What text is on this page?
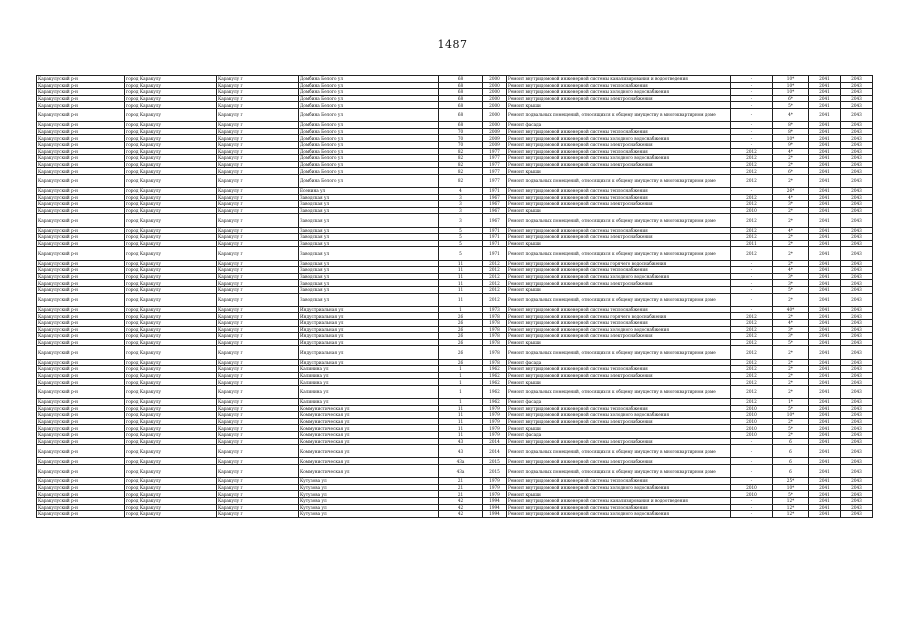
1487
Каракулуский р-н	город Каракулу	Каракулу г	Домбина Белого ул	68	2000	Ремонт внутридомовой инженерной системы канализирования и водоотведения	-	10*	2041	2043
Каракулуский р-н	город Каракулу	Каракулу г	Домбина Белого ул	68	2000	Ремонт внутридомовой инженерной системы теплоснабжения	-	10*	2041	2043
Каракулуский р-н	город Каракулу	Каракулу г	Домбина Белого ул	68	2000	Ремонт внутридомовой инженерной системы холодного водоснабжения	-	10*	2041	2043
Каракулуский р-н	город Каракулу	Каракулу г	Домбина Белого ул	68	2000	Ремонт внутридомовой инженерной системы электроснабжения	-	6*	2041	2043
Каракулуский р-н	город Каракулу	Каракулу г	Домбина Белого ул	68	2000	Ремонт крыши	-	5*	2041	2043
Каракулуский р-н	город Каракулу	Каракулу г	Домбина Белого ул	68	2000	Ремонт подвальных помещений, относящихся к общему имуществу в многоквартирном доме	-	4*	2041	2043
Каракулуский р-н	город Каракулу	Каракулу г	Домбина Белого ул	68	2000	Ремонт фасада	-	8*	2041	2043
Каракулуский р-н	город Каракулу	Каракулу г	Домбина Белого ул	70	2009	Ремонт внутридомовой инженерной системы теплоснабжения	-	8*	2041	2043
Каракулуский р-н	город Каракулу	Каракулу г	Домбина Белого ул	70	2009	Ремонт внутридомовой инженерной системы холодного водоснабжения	-	10*	2041	2043
Каракулуский р-н	город Каракулу	Каракулу г	Домбина Белого ул	70	2009	Ремонт внутридомовой инженерной системы электроснабжения	-	9*	2041	2043
Каракулуский р-н	город Каракулу	Каракулу г	Домбина Белого ул	82	1977	Ремонт внутридомовой инженерной системы теплоснабжения	2012	4*	2041	2043
Каракулуский р-н	город Каракулу	Каракулу г	Домбина Белого ул	82	1977	Ремонт внутридомовой инженерной системы холодного водоснабжения	2012	2*	2041	2043
Каракулуский р-н	город Каракулу	Каракулу г	Домбина Белого ул	82	1977	Ремонт внутридомовой инженерной системы электроснабжения	2012	2*	2041	2043
Каракулуский р-н	город Каракулу	Каракулу г	Домбина Белого ул	82	1977	Ремонт крыши	2012	6*	2041	2043
Каракулуский р-н	город Каракулу	Каракулу г	Домбина Белого ул	82	1977	Ремонт подвальных помещений, относящихся к общему имуществу в многоквартирном доме	2012	2*	2041	2043
Каракулуский р-н	город Каракулу	Каракулу г	Есенина ул	4	1971	Ремонт внутридомовой инженерной системы теплоснабжения	-	26*	2041	2043
Каракулуский р-н	город Каракулу	Каракулу г	Заводская ул	3	1967	Ремонт внутридомовой инженерной системы теплоснабжения	2012	4*	2041	2043
Каракулуский р-н	город Каракулу	Каракулу г	Заводская ул	3	1967	Ремонт внутридомовой инженерной системы электроснабжения	2012	3*	2041	2043
Каракулуский р-н	город Каракулу	Каракулу г	Заводская ул	3	1967	Ремонт крыши	2010	2*	2041	2043
Каракулуский р-н	город Каракулу	Каракулу г	Заводская ул	3	1967	Ремонт подвальных помещений, относящихся к общему имуществу в многоквартирном доме	2012	2*	2041	2043
Каракулуский р-н	город Каракулу	Каракулу г	Заводская ул	5	1971	Ремонт внутридомовой инженерной системы теплоснабжения	2012	4*	2041	2043
Каракулуский р-н	город Каракулу	Каракулу г	Заводская ул	5	1971	Ремонт внутридомовой инженерной системы электроснабжения	2012	2*	2041	2043
Каракулуский р-н	город Каракулу	Каракулу г	Заводская ул	5	1971	Ремонт крыши	2011	2*	2041	2043
Каракулуский р-н	город Каракулу	Каракулу г	Заводская ул	5	1971	Ремонт подвальных помещений, относящихся к общему имуществу в многоквартирном доме	2012	2*	2041	2043
Каракулуский р-н	город Каракулу	Каракулу г	Заводская ул	11	2012	Ремонт внутридомовой инженерной системы горячего водоснабжения	-	2*	2041	2043
Каракулуский р-н	город Каракулу	Каракулу г	Заводская ул	11	2012	Ремонт внутридомовой инженерной системы теплоснабжения	-	4*	2041	2043
Каракулуский р-н	город Каракулу	Каракулу г	Заводская ул	11	2012	Ремонт внутридомовой инженерной системы холодного водоснабжения	-	3*	2041	2043
Каракулуский р-н	город Каракулу	Каракулу г	Заводская ул	11	2012	Ремонт внутридомовой инженерной системы электроснабжения	-	3*	2041	2043
Каракулуский р-н	город Каракулу	Каракулу г	Заводская ул	11	2012	Ремонт крыши	-	5*	2041	2043
Каракулуский р-н	город Каракулу	Каракулу г	Заводская ул	11	2012	Ремонт подвальных помещений, относящихся к общему имуществу в многоквартирном доме	-	2*	2041	2043
Каракулуский р-н	город Каракулу	Каракулу г	Индустриальная ул	1	1973	Ремонт внутридомовой инженерной системы теплоснабжения	-	40*	2041	2043
Каракулуский р-н	город Каракулу	Каракулу г	Индустриальная ул	26	1978	Ремонт внутридомовой инженерной системы горячего водоснабжения	2012	2*	2041	2043
Каракулуский р-н	город Каракулу	Каракулу г	Индустриальная ул	26	1978	Ремонт внутридомовой инженерной системы теплоснабжения	2012	4*	2041	2043
Каракулуский р-н	город Каракулу	Каракулу г	Индустриальная ул	26	1978	Ремонт внутридомовой инженерной системы холодного водоснабжения	2012	3*	2041	2043
Каракулуский р-н	город Каракулу	Каракулу г	Индустриальная ул	26	1978	Ремонт внутридомовой инженерной системы электроснабжения	2012	3*	2041	2043
Каракулуский р-н	город Каракулу	Каракулу г	Индустриальная ул	26	1978	Ремонт крыши	2012	5*	2041	2043
Каракулуский р-н	город Каракулу	Каракулу г	Индустриальная ул	26	1978	Ремонт подвальных помещений, относящихся к общему имуществу в многоквартирном доме	2012	2*	2041	2043
Каракулуский р-н	город Каракулу	Каракулу г	Индустриальная ул	26	1978	Ремонт фасада	2012	2*	2041	2043
Каракулуский р-н	город Каракулу	Каракулу г	Калинина ул	1	1962	Ремонт внутридомовой инженерной системы теплоснабжения	2012	2*	2041	2043
Каракулуский р-н	город Каракулу	Каракулу г	Калинина ул	1	1962	Ремонт внутридомовой инженерной системы электроснабжения	2012	2*	2041	2043
Каракулуский р-н	город Каракулу	Каракулу г	Калинина ул	1	1962	Ремонт крыши	2012	2*	2041	2043
Каракулуский р-н	город Каракулу	Каракулу г	Калинина ул	1	1962	Ремонт подвальных помещений, относящихся к общему имуществу в многоквартирном доме	2012	2*	2041	2043
Каракулуский р-н	город Каракулу	Каракулу г	Калинина ул	1	1962	Ремонт фасада	2012	1*	2041	2043
Каракулуский р-н	город Каракулу	Каракулу г	Коммунистическая ул	11	1979	Ремонт внутридомовой инженерной системы теплоснабжения	2010	5*	2041	2043
Каракулуский р-н	город Каракулу	Каракулу г	Коммунистическая ул	11	1979	Ремонт внутридомовой инженерной системы холодного водоснабжения	2010	10*	2041	2043
Каракулуский р-н	город Каракулу	Каракулу г	Коммунистическая ул	11	1979	Ремонт внутридомовой инженерной системы электроснабжения	2010	2*	2041	2043
Каракулуский р-н	город Каракулу	Каракулу г	Коммунистическая ул	11	1979	Ремонт крыши	2010	5*	2041	2043
Каракулуский р-н	город Каракулу	Каракулу г	Коммунистическая ул	11	1979	Ремонт фасада	2010	2*	2041	2043
Каракулуский р-н	город Каракулу	Каракулу г	Коммунистическая ул	43	2014	Ремонт внутридомовой инженерной системы электроснабжения	-	6	2041	2043
Каракулуский р-н	город Каракулу	Каракулу г	Коммунистическая ул	43	2014	Ремонт подвальных помещений, относящихся к общему имуществу в многоквартирном доме	-	6	2041	2043
Каракулуский р-н	город Каракулу	Каракулу г	Коммунистическая ул	43а	2015	Ремонт внутридомовой инженерной системы электроснабжения	-	6	2041	2043
Каракулуский р-н	город Каракулу	Каракулу г	Коммунистическая ул	43а	2015	Ремонт подвальных помещений, относящихся к общему имуществу в многоквартирном доме	-	6	2041	2043
Каракулуский р-н	город Каракулу	Каракулу г	Кутузова ул	21	1979	Ремонт внутридомовой инженерной системы теплоснабжения	-	25*	2041	2043
Каракулуский р-н	город Каракулу	Каракулу г	Кутузова ул	21	1979	Ремонт внутридомовой инженерной системы холодного водоснабжения	2010	10*	2041	2043
Каракулуский р-н	город Каракулу	Каракулу г	Кутузова ул	21	1979	Ремонт крыши	2010	5*	2041	2043
Каракулуский р-н	город Каракулу	Каракулу г	Кутузова ул	42	1994	Ремонт внутридомовой инженерной системы канализирования и водоотведения	-	12*	2041	2043
Каракулуский р-н	город Каракулу	Каракулу г	Кутузова ул	42	1994	Ремонт внутридомовой инженерной системы теплоснабжения	-	12*	2041	2043
Каракулуский р-н	город Каракулу	Каракулу г	Кутузова ул	42	1994	Ремонт внутридомовой инженерной системы холодного водоснабжения	-	12*	2041	2043
